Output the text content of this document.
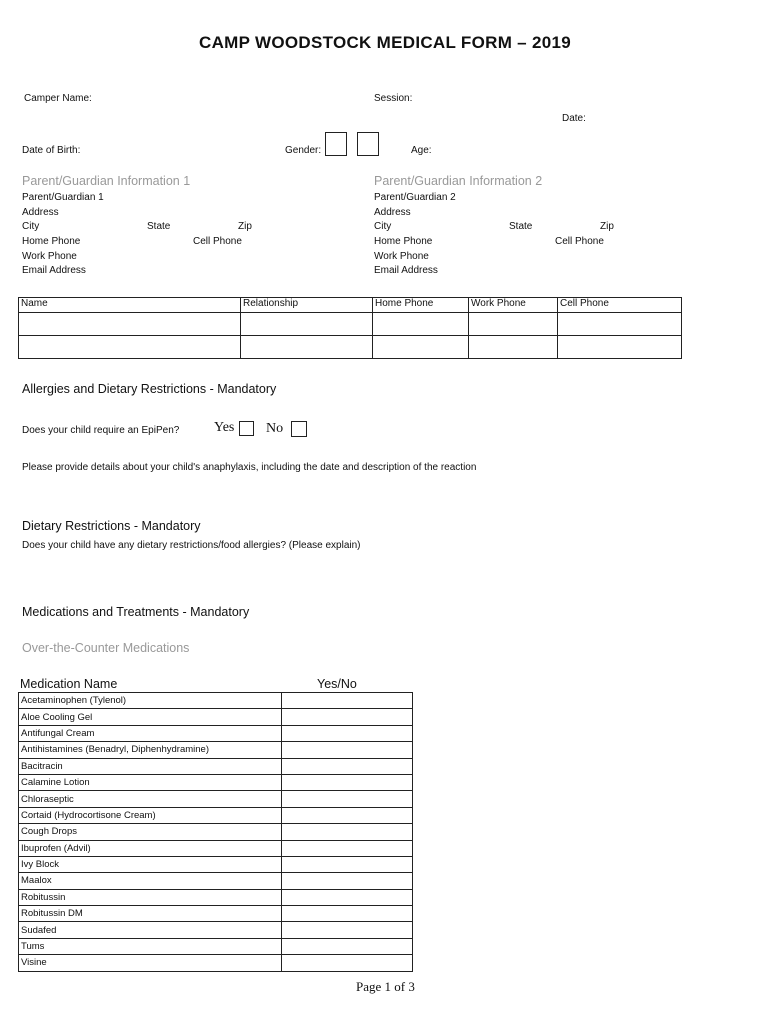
CAMP WOODSTOCK MEDICAL FORM – 2019
Camper Name:	Session:
Date:
Date of Birth:	Gender:	Age:
Parent/Guardian Information 1
Parent/Guardian 1
Address
City	State	Zip
Home Phone	Cell Phone
Work Phone
Email Address
Parent/Guardian Information 2
Parent/Guardian 2
Address
City	State	Zip
Home Phone	Cell Phone
Work Phone
Email Address
Name	Relationship	Home Phone	Work Phone	Cell Phone

Allergies and Dietary Restrictions - Mandatory
Does your child require an EpiPen? Yes No
Please provide details about your child's anaphylaxis, including the date and description of the reaction
Dietary Restrictions - Mandatory
Does your child have any dietary restrictions/food allergies? (Please explain)
Medications and Treatments - Mandatory
Over-the-Counter Medications
Medication Name	Yes/No
Acetaminophen (Tylenol)	
Aloe Cooling Gel	
Antifungal Cream	
Antihistamines (Benadryl, Diphenhydramine)	
Bacitracin	
Calamine Lotion	
Chloraseptic	
Cortaid (Hydrocortisone Cream)	
Cough Drops	
Ibuprofen (Advil)	
Ivy Block	
Maalox	
Robitussin	
Robitussin DM	
Sudafed	
Tums	
Visine	
Page 1 of 3
